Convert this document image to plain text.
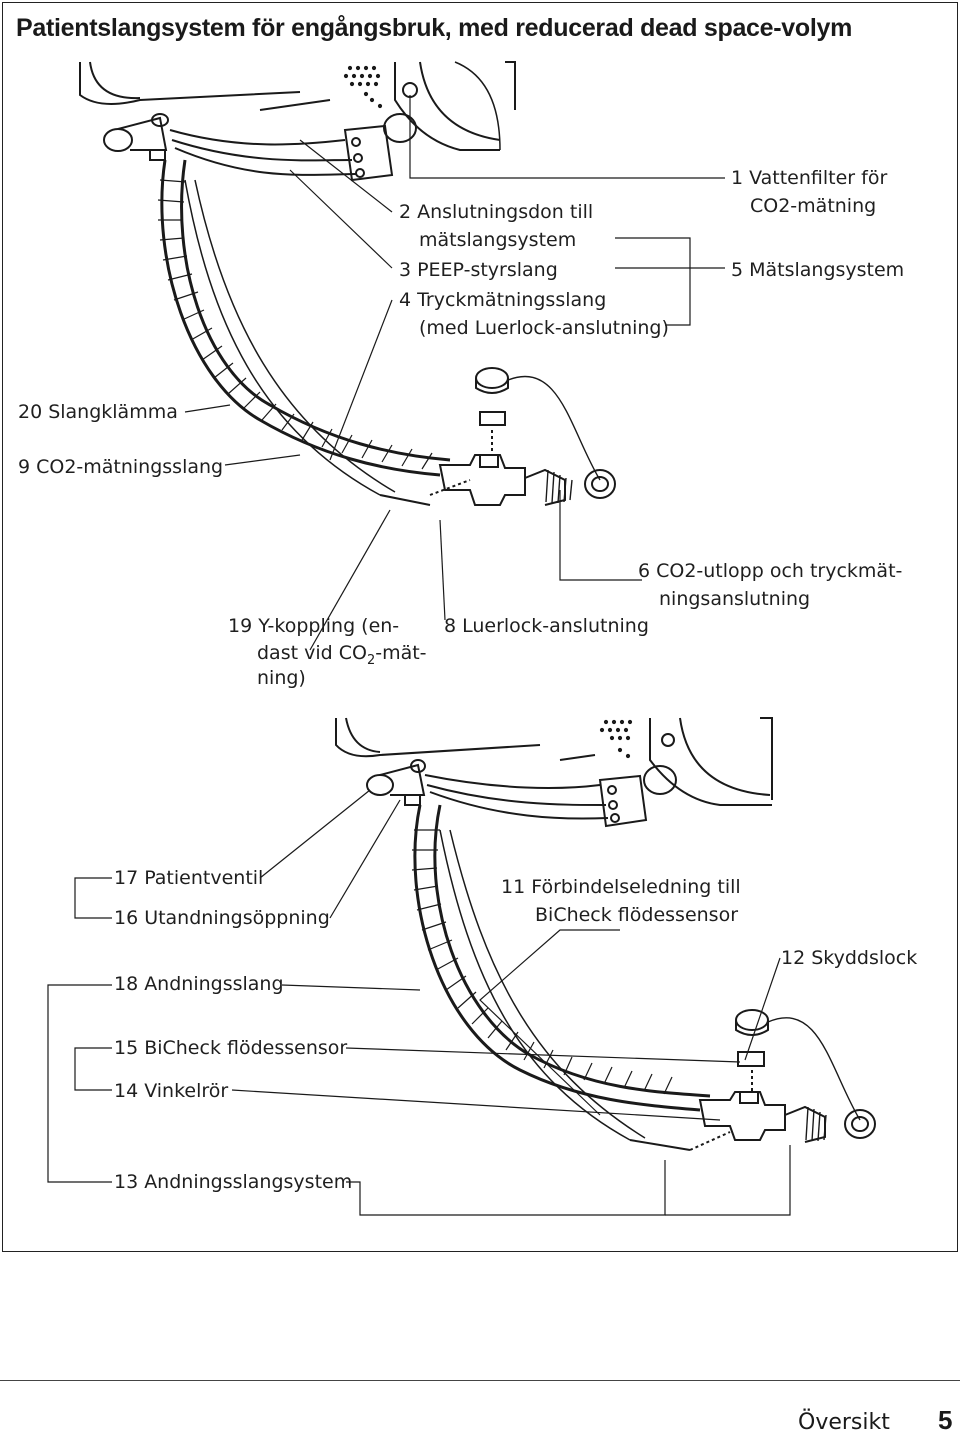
Patientslangsystem för engångsbruk, med reducerad dead space-volym
1 Vattenfilter för
CO2-mätning
2 Anslutningsdon till
mätslangsystem
3 PEEP-styrslang
4 Tryckmätningsslang
(med Luerlock-anslutning)
5 Mätslangsystem
20 Slangklämma
9 CO2-mätningsslang
6 CO2-utlopp och tryckmät-
ningsanslutning
19 Y-koppling (en-
dast vid $CO_2-mät-$
ning)
8 Luerlock-anslutning
17 Patientventil
16 Utandningsöppning
18 Andningsslang
15 BiCheck flödessensor
14 Vinkelrör
13 Andningsslangsystem
11 Förbindelseledning till
BiCheck flödessensor
12 Skyddslock
Översikt 5
